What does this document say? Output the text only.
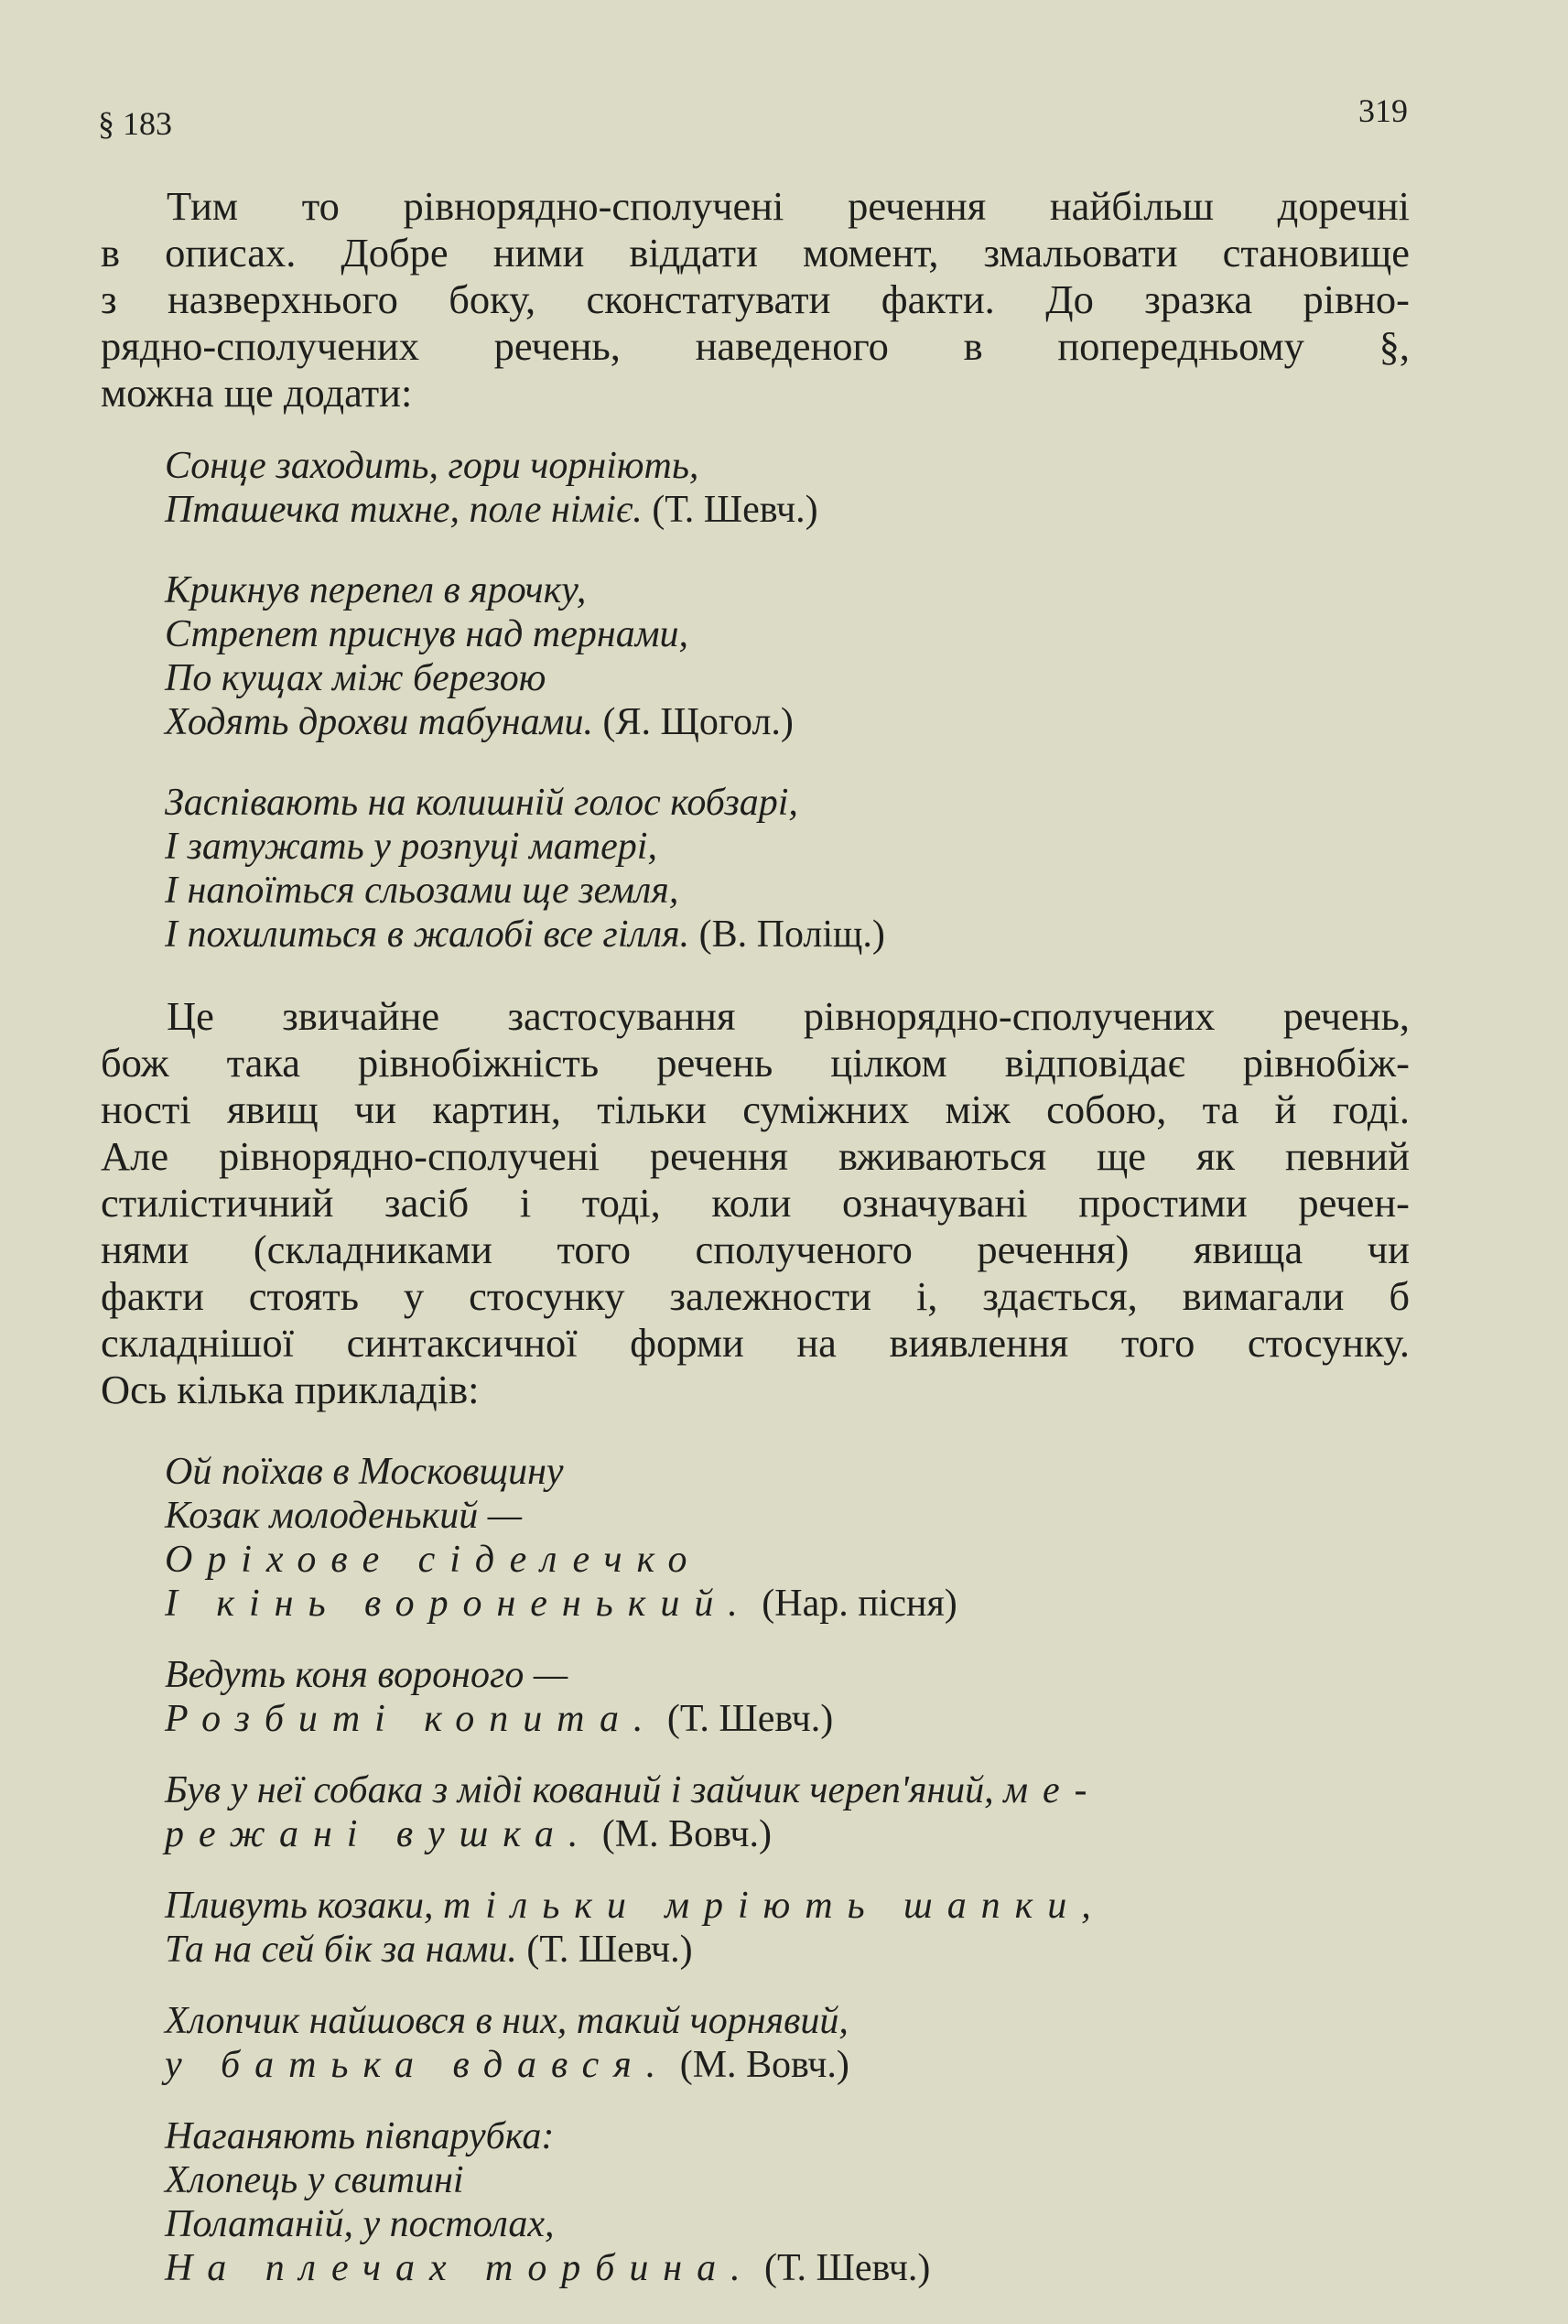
§ 183	319

Тим то рівнорядно-сполучені речення найбільш доречні
в описах. Добре ними віддати момент, змальовати становище
з назверхнього боку, сконстатувати факти. До зразка рівно-
рядно-сполучених речень, наведеного в попередньому §,
можна ще додати:

Сонце заходить, гори чорніють,
Пташечка тихне, поле німіє. (Т. Шевч.)
Крикнув перепел в ярочку,
Стрепет приснув над тернами,
По кущах між березою
Ходять дрохви табунами. (Я. Щогол.)
Заспівають на колишній голос кобзарі,
І затужать у розпуці матері,
І напоїться сльозами ще земля,
І похилиться в жалобі все гілля. (В. Поліщ.)

Це звичайне застосування рівнорядно-сполучених речень,
бож така рівнобіжність речень цілком відповідає рівнобіж-
ності явищ чи картин, тільки суміжних між собою, та й годі.
Але рівнорядно-сполучені речення вживаються ще як певний
стилістичний засіб і тоді, коли означувані простими речен-
нями (складниками того сполученого речення) явища чи
факти стоять у стосунку залежности і, здається, вимагали б
складнішої синтаксичної форми на виявлення того стосунку.
Ось кілька прикладів:

Ой поїхав в Московщину
Козак молоденький —
Оріхове сіделечко
І кінь вороненький. (Нар. пісня)
Ведуть коня вороного —
Розбиті копита. (Т. Шевч.)
Був у неї собака з міді кований і зайчик череп'яний, ме-
режані вушка. (М. Вовч.)
Пливуть козаки, тільки мріють шапки,
Та на сей бік за нами. (Т. Шевч.)
Хлопчик найшовся в них, такий чорнявий,
у батька вдався. (М. Вовч.)
Наганяють півпарубка:
Хлопець у свитині
Полатаній, у постолах,
На плечах торбина. (Т. Шевч.)
